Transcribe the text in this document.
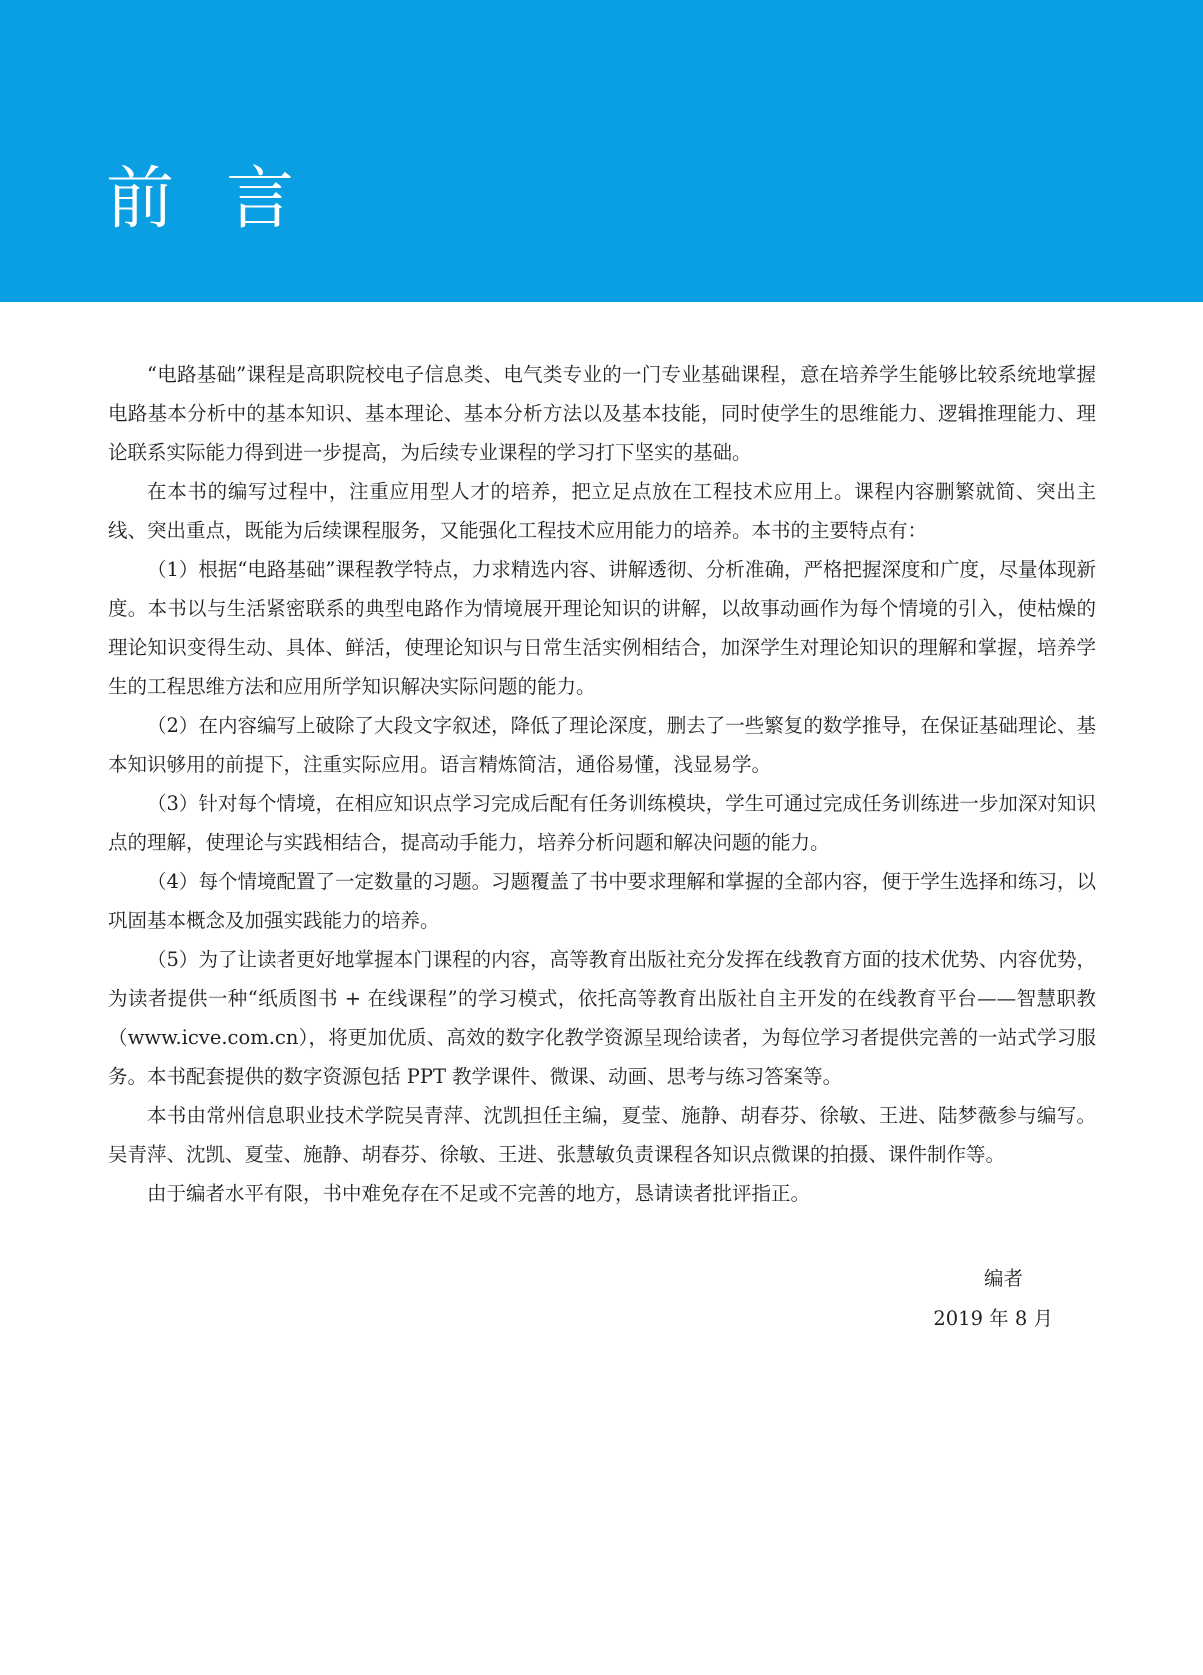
前言

“电路基础”课程是高职院校电子信息类、电气类专业的一门专业基础课程，意在培养学生能够比较系统地掌握电路基本分析中的基本知识、基本理论、基本分析方法以及基本技能，同时使学生的思维能力、逻辑推理能力、理论联系实际能力得到进一步提高，为后续专业课程的学习打下坚实的基础。

在本书的编写过程中，注重应用型人才的培养，把立足点放在工程技术应用上。课程内容删繁就简、突出主线、突出重点，既能为后续课程服务，又能强化工程技术应用能力的培养。本书的主要特点有：

（1）根据“电路基础”课程教学特点，力求精选内容、讲解透彻、分析准确，严格把握深度和广度，尽量体现新度。本书以与生活紧密联系的典型电路作为情境展开理论知识的讲解，以故事动画作为每个情境的引入，使枯燥的理论知识变得生动、具体、鲜活，使理论知识与日常生活实例相结合，加深学生对理论知识的理解和掌握，培养学生的工程思维方法和应用所学知识解决实际问题的能力。

（2）在内容编写上破除了大段文字叙述，降低了理论深度，删去了一些繁复的数学推导，在保证基础理论、基本知识够用的前提下，注重实际应用。语言精炼简洁，通俗易懂，浅显易学。

（3）针对每个情境，在相应知识点学习完成后配有任务训练模块，学生可通过完成任务训练进一步加深对知识点的理解，使理论与实践相结合，提高动手能力，培养分析问题和解决问题的能力。

（4）每个情境配置了一定数量的习题。习题覆盖了书中要求理解和掌握的全部内容，便于学生选择和练习，以巩固基本概念及加强实践能力的培养。

（5）为了让读者更好地掌握本门课程的内容，高等教育出版社充分发挥在线教育方面的技术优势、内容优势，为读者提供一种“纸质图书 + 在线课程”的学习模式，依托高等教育出版社自主开发的在线教育平台——智慧职教（www.icve.com.cn），将更加优质、高效的数字化教学资源呈现给读者，为每位学习者提供完善的一站式学习服务。本书配套提供的数字资源包括 PPT 教学课件、微课、动画、思考与练习答案等。

本书由常州信息职业技术学院吴青萍、沈凯担任主编，夏莹、施静、胡春芬、徐敏、王进、陆梦薇参与编写。吴青萍、沈凯、夏莹、施静、胡春芬、徐敏、王进、张慧敏负责课程各知识点微课的拍摄、课件制作等。

由于编者水平有限，书中难免存在不足或不完善的地方，恳请读者批评指正。

编者

2019 年 8 月
